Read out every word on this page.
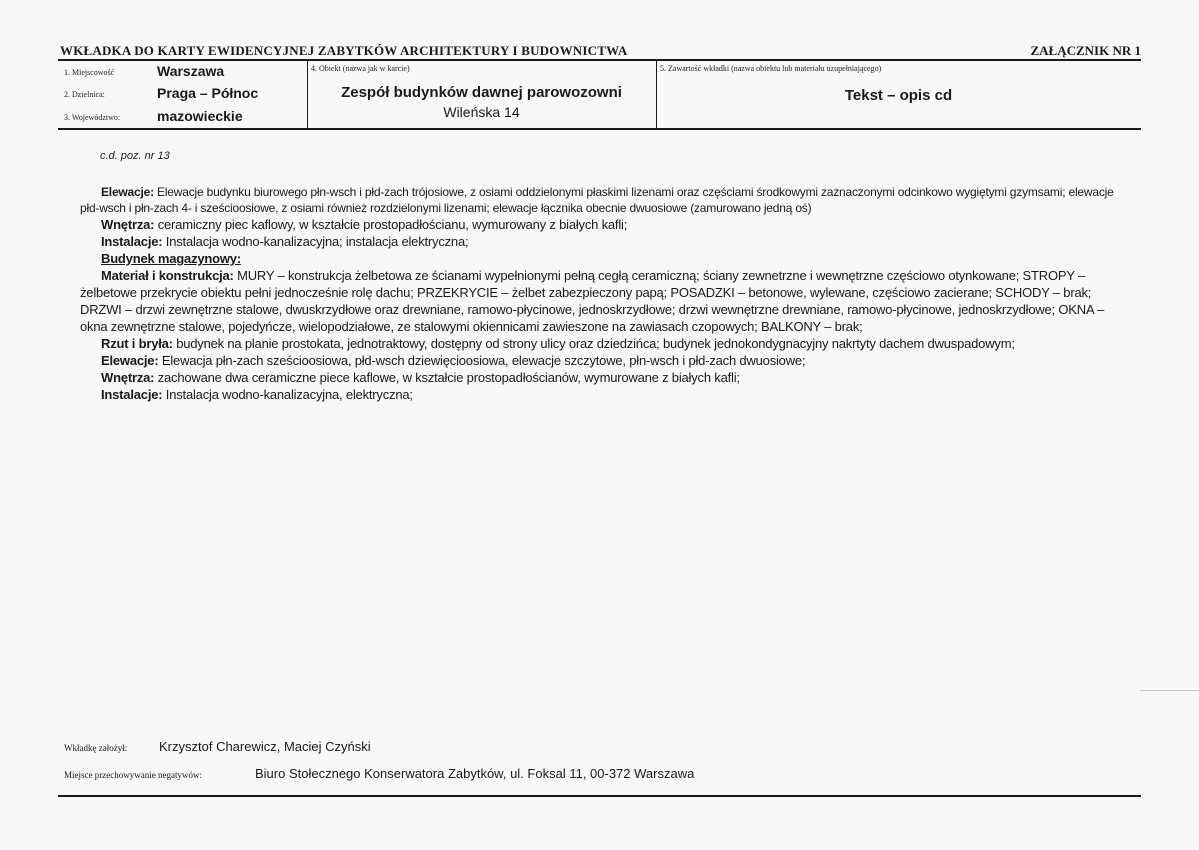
WKŁADKA DO KARTY EWIDENCYJNEJ ZABYTKÓW ARCHITEKTURY I BUDOWNICTWA	ZAŁĄCZNIK NR 1
1. Miejscowość	Warszawa
2. Dzielnica:	Praga – Północ
3. Województwo:	mazowieckie
4. Obiekt (nazwa jak w karcie)
Zespół budynków dawnej parowozowni
Wileńska 14
5. Zawartość wkładki (nazwa obiektu lub materiału uzupełniającego)
Tekst – opis cd
c.d. poz. nr 13

Elewacje: Elewacje budynku biurowego płn-wsch i płd-zach trójosiowe, z osiami oddzielonymi płaskimi lizenami oraz częściami środkowymi zaznaczonymi odcinkowo wygiętymi gzymsami; elewacje płd-wsch i płn-zach 4- i sześcioosiowe, z osiami również rozdzielonymi lizenami; elewacje łącznika obecnie dwuosiowe (zamurowano jedną oś)

Wnętrza: ceramiczny piec kaflowy, w kształcie prostopadłościanu, wymurowany z białych kafli;

Instalacje: Instalacja wodno-kanalizacyjna; instalacja elektryczna;

Budynek magazynowy:

Materiał i konstrukcja: MURY – konstrukcja żelbetowa ze ścianami wypełnionymi pełną cegłą ceramiczną; ściany zewnetrzne i wewnętrzne częściowo otynkowane; STROPY – żelbetowe przekrycie obiektu pełni jednocześnie rolę dachu; PRZEKRYCIE – żelbet zabezpieczony papą; POSADZKI – betonowe, wylewane, częściowo zacierane; SCHODY – brak; DRZWI – drzwi zewnętrzne stalowe, dwuskrzydłowe oraz drewniane, ramowo-płycinowe, jednoskrzydłowe; drzwi wewnętrzne drewniane, ramowo-płycinowe, jednoskrzydłowe; OKNA – okna zewnętrzne stalowe, pojedyńcze, wielopodziałowe, ze stalowymi okiennicami zawieszone na zawiasach czopowych; BALKONY – brak;

Rzut i bryła: budynek na planie prostokata, jednotraktowy, dostępny od strony ulicy oraz dziedzińca; budynek jednokondygnacyjny nakrtyty dachem dwuspadowym;

Elewacje: Elewacja płn-zach sześcioosiowa, płd-wsch dziewięcioosiowa, elewacje szczytowe, płn-wsch i płd-zach dwuosiowe;

Wnętrza: zachowane dwa ceramiczne piece kaflowe, w kształcie prostopadłościanów, wymurowane z białych kafli;

Instalacje: Instalacja wodno-kanalizacyjna, elektryczna;

Wkładkę założył: Krzysztof Charewicz, Maciej Czyński
Miejsce przechowywanie negatywów:	Biuro Stołecznego Konserwatora Zabytków, ul. Foksal 11, 00-372 Warszawa
